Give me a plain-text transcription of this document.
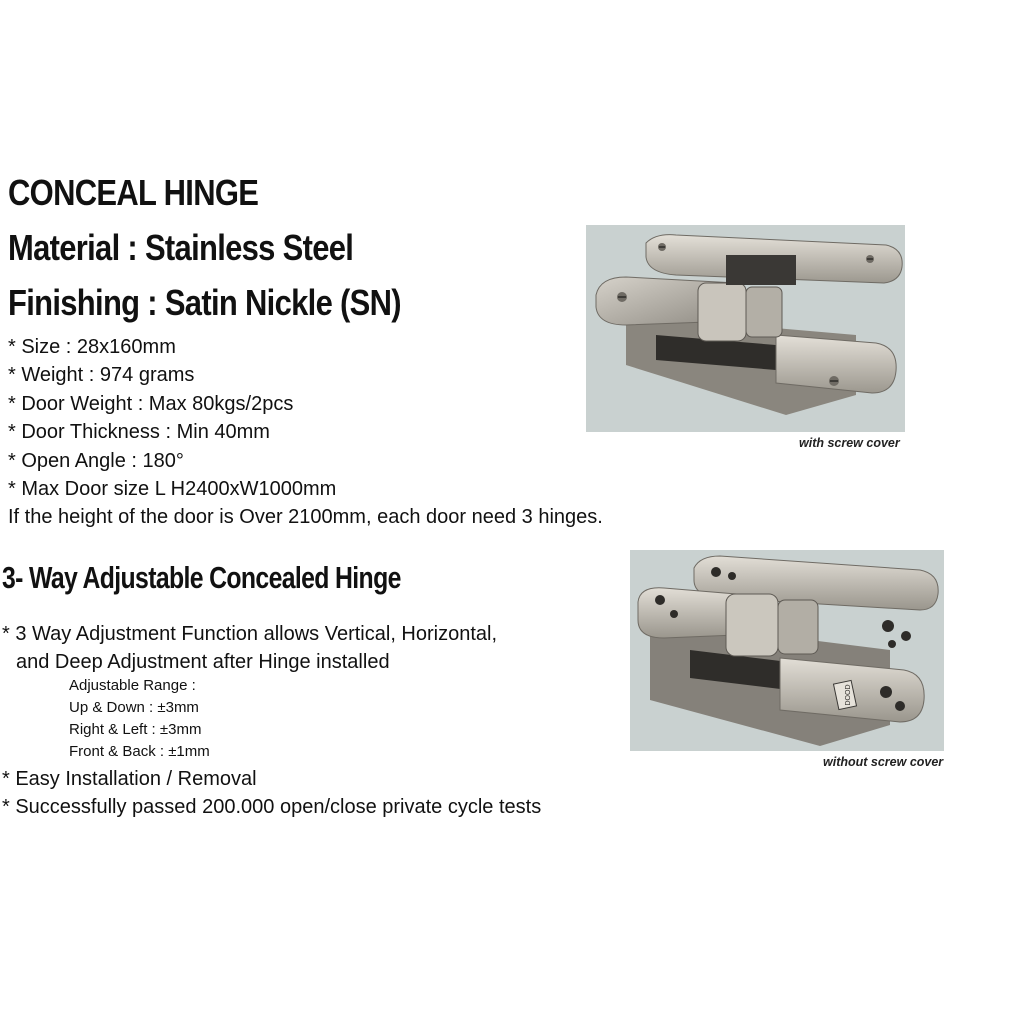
CONCEAL HINGE
Material : Stainless Steel
Finishing : Satin Nickle (SN)
* Size : 28x160mm
* Weight : 974 grams
* Door Weight : Max 80kgs/2pcs
* Door Thickness : Min 40mm
* Open Angle : 180°
* Max Door size L H2400xW1000mm
If the height of the door is Over 2100mm, each door need 3 hinges.
with screw cover
3- Way Adjustable Concealed Hinge
* 3 Way Adjustment Function allows Vertical, Horizontal,
and Deep Adjustment after Hinge installed
Adjustable Range :
Up & Down : ±3mm
Right & Left : ±3mm
Front & Back : ±1mm
* Easy Installation / Removal
* Successfully passed 200.000 open/close private cycle tests
DOOD
without screw cover
